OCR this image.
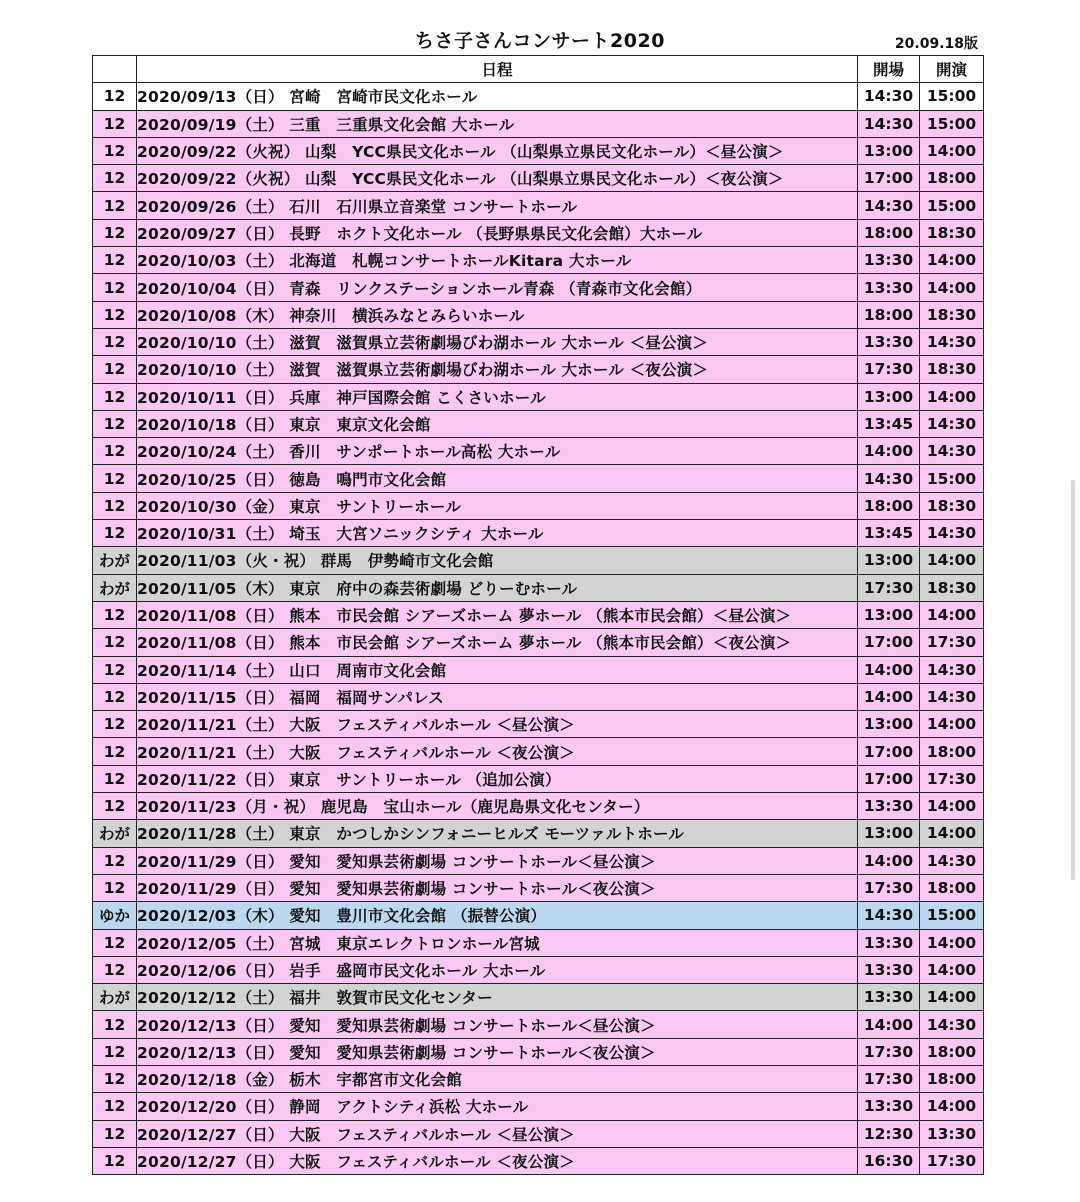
ちさ子さんコンサート2020	20.09.18版
	日程	開場	開演
12	2020/09/13（日） 宮崎　宮崎市民文化ホール	14:30	15:00
12	2020/09/19（土） 三重　三重県文化会館 大ホール	14:30	15:00
12	2020/09/22（火祝） 山梨　YCC県民文化ホール （山梨県立県民文化ホール）＜昼公演＞	13:00	14:00
12	2020/09/22（火祝） 山梨　YCC県民文化ホール （山梨県立県民文化ホール）＜夜公演＞	17:00	18:00
12	2020/09/26（土） 石川　石川県立音楽堂 コンサートホール	14:30	15:00
12	2020/09/27（日） 長野　ホクト文化ホール （長野県県民文化会館）大ホール	18:00	18:30
12	2020/10/03（土） 北海道　札幌コンサートホールKitara 大ホール	13:30	14:00
12	2020/10/04（日） 青森　リンクステーションホール青森 （青森市文化会館）	13:30	14:00
12	2020/10/08（木） 神奈川　横浜みなとみらいホール	18:00	18:30
12	2020/10/10（土） 滋賀　滋賀県立芸術劇場びわ湖ホール 大ホール ＜昼公演＞	13:30	14:30
12	2020/10/10（土） 滋賀　滋賀県立芸術劇場びわ湖ホール 大ホール ＜夜公演＞	17:30	18:30
12	2020/10/11（日） 兵庫　神戸国際会館 こくさいホール	13:00	14:00
12	2020/10/18（日） 東京　東京文化会館	13:45	14:30
12	2020/10/24（土） 香川　サンポートホール高松 大ホール	14:00	14:30
12	2020/10/25（日） 徳島　鳴門市文化会館	14:30	15:00
12	2020/10/30（金） 東京　サントリーホール	18:00	18:30
12	2020/10/31（土） 埼玉　大宮ソニックシティ 大ホール	13:45	14:30
わが	2020/11/03（火・祝） 群馬　伊勢崎市文化会館	13:00	14:00
わが	2020/11/05（木） 東京　府中の森芸術劇場 どりーむホール	17:30	18:30
12	2020/11/08（日） 熊本　市民会館 シアーズホーム 夢ホール （熊本市民会館）＜昼公演＞	13:00	14:00
12	2020/11/08（日） 熊本　市民会館 シアーズホーム 夢ホール （熊本市民会館）＜夜公演＞	17:00	17:30
12	2020/11/14（土） 山口　周南市文化会館	14:00	14:30
12	2020/11/15（日） 福岡　福岡サンパレス	14:00	14:30
12	2020/11/21（土） 大阪　フェスティバルホール ＜昼公演＞	13:00	14:00
12	2020/11/21（土） 大阪　フェスティバルホール ＜夜公演＞	17:00	18:00
12	2020/11/22（日） 東京　サントリーホール （追加公演）	17:00	17:30
12	2020/11/23（月・祝） 鹿児島　宝山ホール（鹿児島県文化センター）	13:30	14:00
わが	2020/11/28（土） 東京　かつしかシンフォニーヒルズ モーツァルトホール	13:00	14:00
12	2020/11/29（日） 愛知　愛知県芸術劇場 コンサートホール＜昼公演＞	14:00	14:30
12	2020/11/29（日） 愛知　愛知県芸術劇場 コンサートホール＜夜公演＞	17:30	18:00
ゆか	2020/12/03（木） 愛知　豊川市文化会館 （振替公演）	14:30	15:00
12	2020/12/05（土） 宮城　東京エレクトロンホール宮城	13:30	14:00
12	2020/12/06（日） 岩手　盛岡市民文化ホール 大ホール	13:30	14:00
わが	2020/12/12（土） 福井　敦賀市民文化センター	13:30	14:00
12	2020/12/13（日） 愛知　愛知県芸術劇場 コンサートホール＜昼公演＞	14:00	14:30
12	2020/12/13（日） 愛知　愛知県芸術劇場 コンサートホール＜夜公演＞	17:30	18:00
12	2020/12/18（金） 栃木　宇都宮市文化会館	17:30	18:00
12	2020/12/20（日） 静岡　アクトシティ浜松 大ホール	13:30	14:00
12	2020/12/27（日） 大阪　フェスティバルホール ＜昼公演＞	12:30	13:30
12	2020/12/27（日） 大阪　フェスティバルホール ＜夜公演＞	16:30	17:30
